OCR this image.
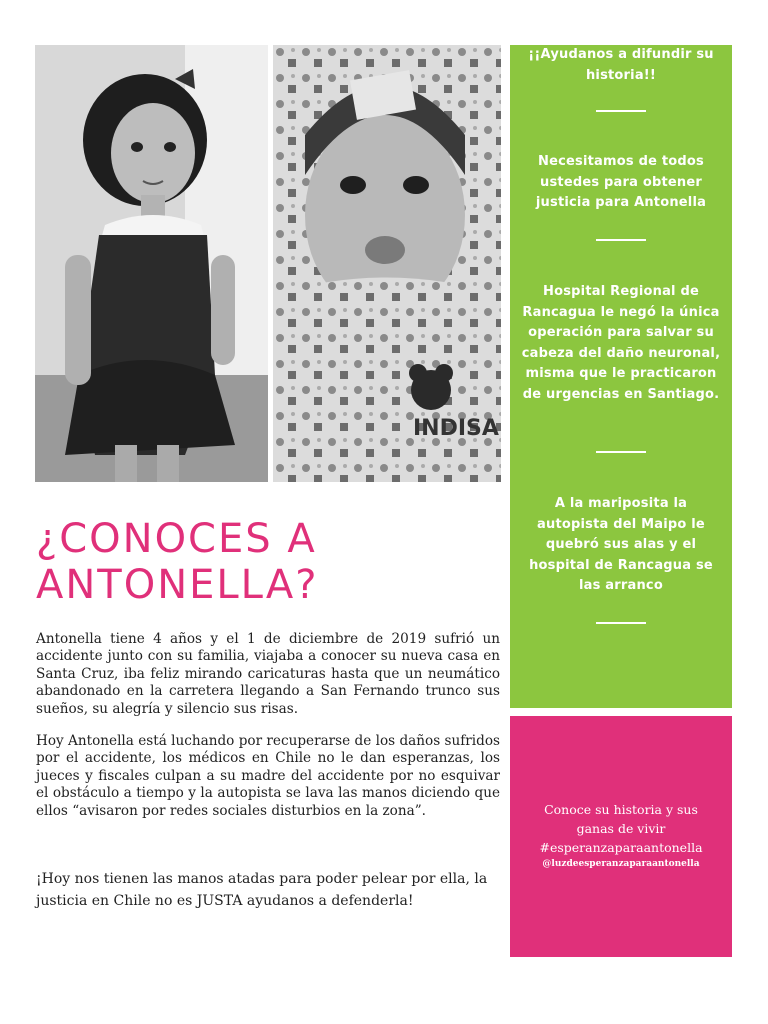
INDISA
¡¡Ayudanos a difundir su historia!!
Necesitamos de todos ustedes para obtener justicia para Antonella
Hospital Regional de Rancagua le negó la única operación para salvar su cabeza del daño neuronal, misma que le practicaron de urgencias en Santiago.
A la mariposita la autopista del Maipo le quebró sus alas y el hospital de Rancagua se las arranco
Conoce su historia y sus
ganas de vivir
#esperanzaparaantonella
@luzdeesperanzaparaantonella
¿CONOCES A ANTONELLA?

Antonella tiene 4 años y el 1 de diciembre de 2019 sufrió un accidente junto con su familia, viajaba a conocer su nueva casa en Santa Cruz, iba feliz mirando caricaturas hasta que un neumático abandonado en la carretera llegando a San Fernando trunco sus sueños, su alegría y silencio sus risas.

Hoy Antonella está luchando por recuperarse de los daños sufridos por el accidente, los médicos en Chile no le dan esperanzas, los jueces y fiscales culpan a su madre del accidente por no esquivar el obstáculo a tiempo y la autopista se lava las manos diciendo que ellos “avisaron por redes sociales disturbios en la zona”.

¡Hoy nos tienen las manos atadas para poder pelear por ella, la justicia en Chile no es JUSTA ayudanos a defenderla!
